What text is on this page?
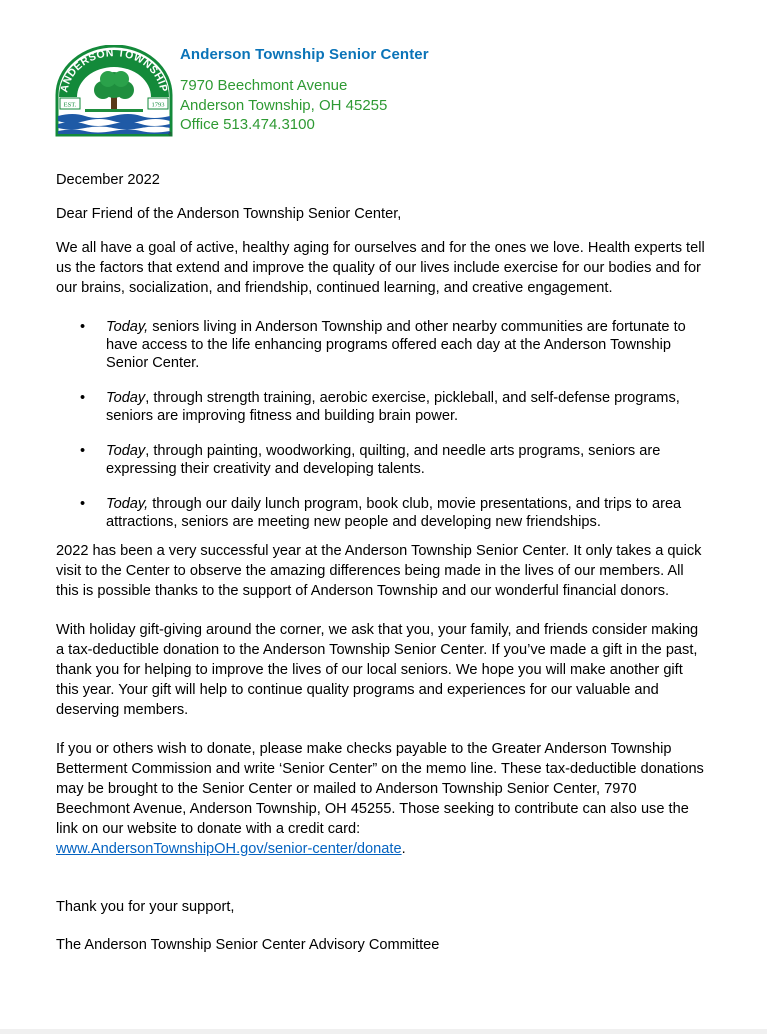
ANDERSON TOWNSHIP
EST.	1793
®
Anderson Township Senior Center
7970 Beechmont Avenue
Anderson Township, OH 45255
Office 513.474.3100

December 2022

Dear Friend of the Anderson Township Senior Center,

We all have a goal of active, healthy aging for ourselves and for the ones we love. Health experts tell us the factors that extend and improve the quality of our lives include exercise for our bodies and for our brains, socialization, and friendship, continued learning, and creative engagement.

• Today, seniors living in Anderson Township and other nearby communities are fortunate to have access to the life enhancing programs offered each day at the Anderson Township Senior Center.
• Today, through strength training, aerobic exercise, pickleball, and self-defense programs, seniors are improving fitness and building brain power.
• Today, through painting, woodworking, quilting, and needle arts programs, seniors are expressing their creativity and developing talents.
• Today, through our daily lunch program, book club, movie presentations, and trips to area attractions, seniors are meeting new people and developing new friendships.

2022 has been a very successful year at the Anderson Township Senior Center. It only takes a quick visit to the Center to observe the amazing differences being made in the lives of our members. All this is possible thanks to the support of Anderson Township and our wonderful financial donors.

With holiday gift-giving around the corner, we ask that you, your family, and friends consider making a tax-deductible donation to the Anderson Township Senior Center. If you’ve made a gift in the past, thank you for helping to improve the lives of our local seniors. We hope you will make another gift this year. Your gift will help to continue quality programs and experiences for our valuable and deserving members.

If you or others wish to donate, please make checks payable to the Greater Anderson Township Betterment Commission and write ‘Senior Center” on the memo line. These tax-deductible donations may be brought to the Senior Center or mailed to Anderson Township Senior Center, 7970 Beechmont Avenue, Anderson Township, OH 45255. Those seeking to contribute can also use the link on our website to donate with a credit card:
www.AndersonTownshipOH.gov/senior-center/donate.

Thank you for your support,

The Anderson Township Senior Center Advisory Committee
